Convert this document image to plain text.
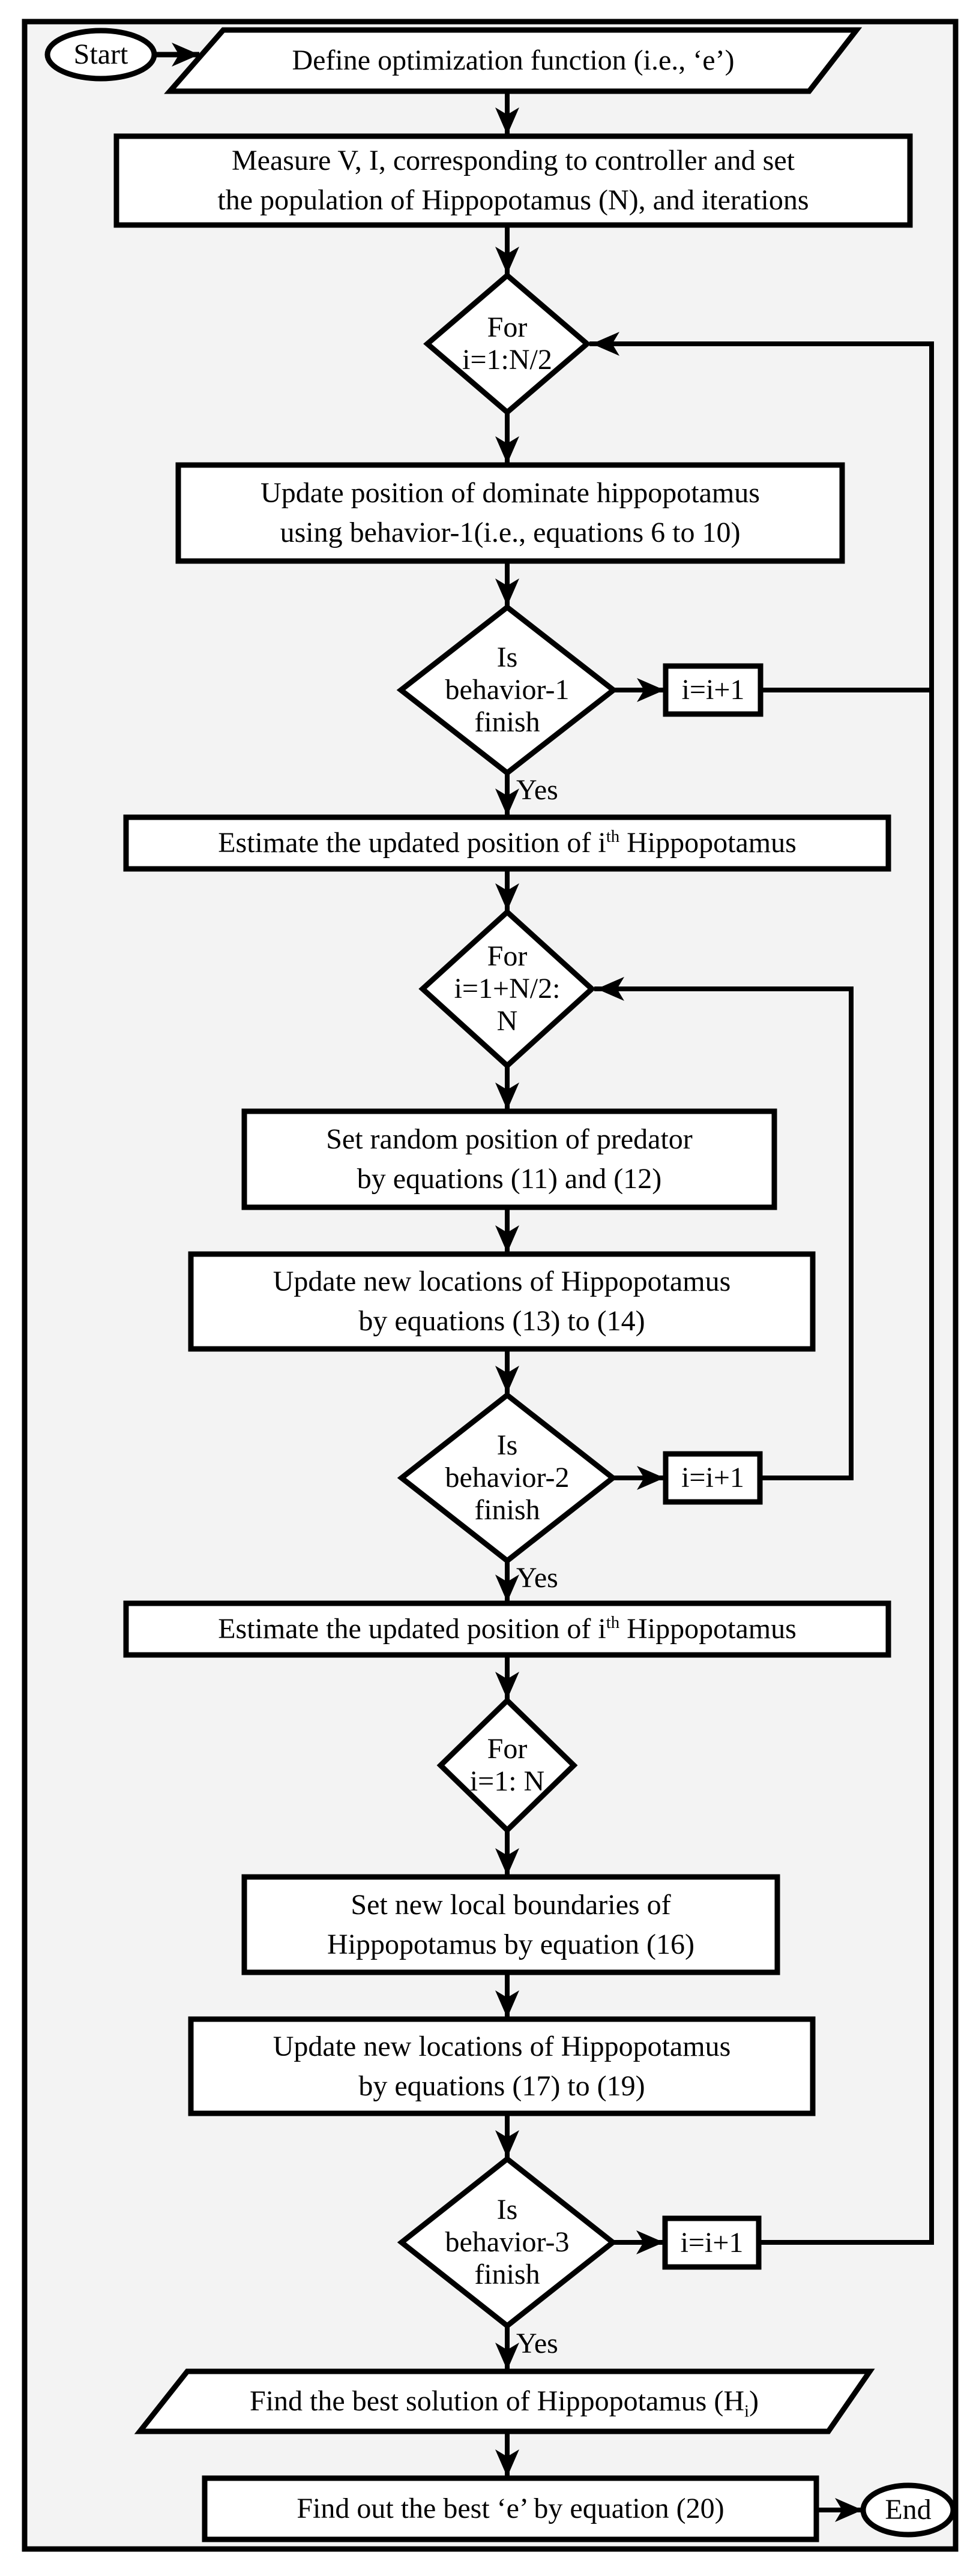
Start	Define optimization function (i.e., ‘e’)
Measure V, I, corresponding to controller and set
the population of Hippopotamus (N), and iterations
For
i=1:N/2
Update position of dominate hippopotamus
using behavior-1(i.e., equations 6 to 10)
Is
behavior-1
finish
i=i+1
Yes
Estimate the updated position of $i^{th}$ Hippopotamus
For
i=1+N/2:
N
Set random position of predator
by equations (11) and (12)
Update new locations of Hippopotamus
by equations (13) to (14)
Is
behavior-2
finish
i=i+1
Yes
Estimate the updated position of $i^{th}$ Hippopotamus
For
i=1: N
Set new local boundaries of
Hippopotamus by equation (16)
Update new locations of Hippopotamus
by equations (17) to (19)
Is
behavior-3
finish
i=i+1
Yes
Find the best solution of Hippopotamus $(H_i)$
Find out the best ‘e’ by equation (20)	End
